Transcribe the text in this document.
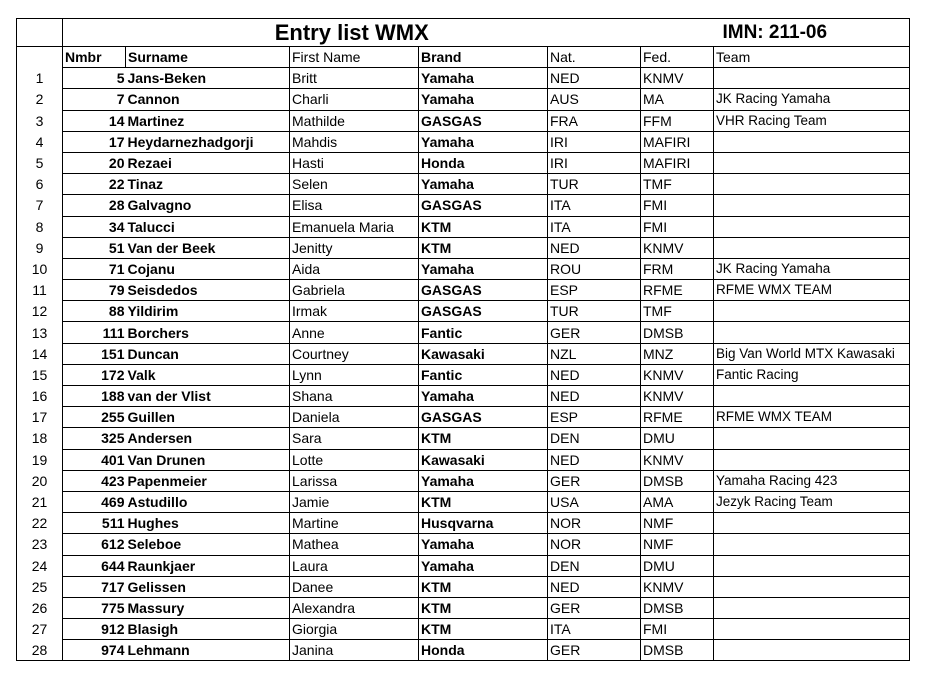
	Entry list WMX					IMN: 211-06	
	Nmbr	Surname	First Name	Brand	Nat.	Fed.	Team
1	5	Jans-Beken	Britt	Yamaha	NED	KNMV	
2	7	Cannon	Charli	Yamaha	AUS	MA	JK Racing Yamaha
3	14	Martinez	Mathilde	GASGAS	FRA	FFM	VHR Racing Team
4	17	Heydarnezhadgorji	Mahdis	Yamaha	IRI	MAFIRI	
5	20	Rezaei	Hasti	Honda	IRI	MAFIRI	
6	22	Tinaz	Selen	Yamaha	TUR	TMF	
7	28	Galvagno	Elisa	GASGAS	ITA	FMI	
8	34	Talucci	Emanuela Maria	KTM	ITA	FMI	
9	51	Van der Beek	Jenitty	KTM	NED	KNMV	
10	71	Cojanu	Aida	Yamaha	ROU	FRM	JK Racing Yamaha
11	79	Seisdedos	Gabriela	GASGAS	ESP	RFME	RFME WMX TEAM
12	88	Yildirim	Irmak	GASGAS	TUR	TMF	
13	111	Borchers	Anne	Fantic	GER	DMSB	
14	151	Duncan	Courtney	Kawasaki	NZL	MNZ	Big Van World MTX Kawasaki
15	172	Valk	Lynn	Fantic	NED	KNMV	Fantic Racing
16	188	van der Vlist	Shana	Yamaha	NED	KNMV	
17	255	Guillen	Daniela	GASGAS	ESP	RFME	RFME WMX TEAM
18	325	Andersen	Sara	KTM	DEN	DMU	
19	401	Van Drunen	Lotte	Kawasaki	NED	KNMV	
20	423	Papenmeier	Larissa	Yamaha	GER	DMSB	Yamaha Racing 423
21	469	Astudillo	Jamie	KTM	USA	AMA	Jezyk Racing Team
22	511	Hughes	Martine	Husqvarna	NOR	NMF	
23	612	Seleboe	Mathea	Yamaha	NOR	NMF	
24	644	Raunkjaer	Laura	Yamaha	DEN	DMU	
25	717	Gelissen	Danee	KTM	NED	KNMV	
26	775	Massury	Alexandra	KTM	GER	DMSB	
27	912	Blasigh	Giorgia	KTM	ITA	FMI	
28	974	Lehmann	Janina	Honda	GER	DMSB	
